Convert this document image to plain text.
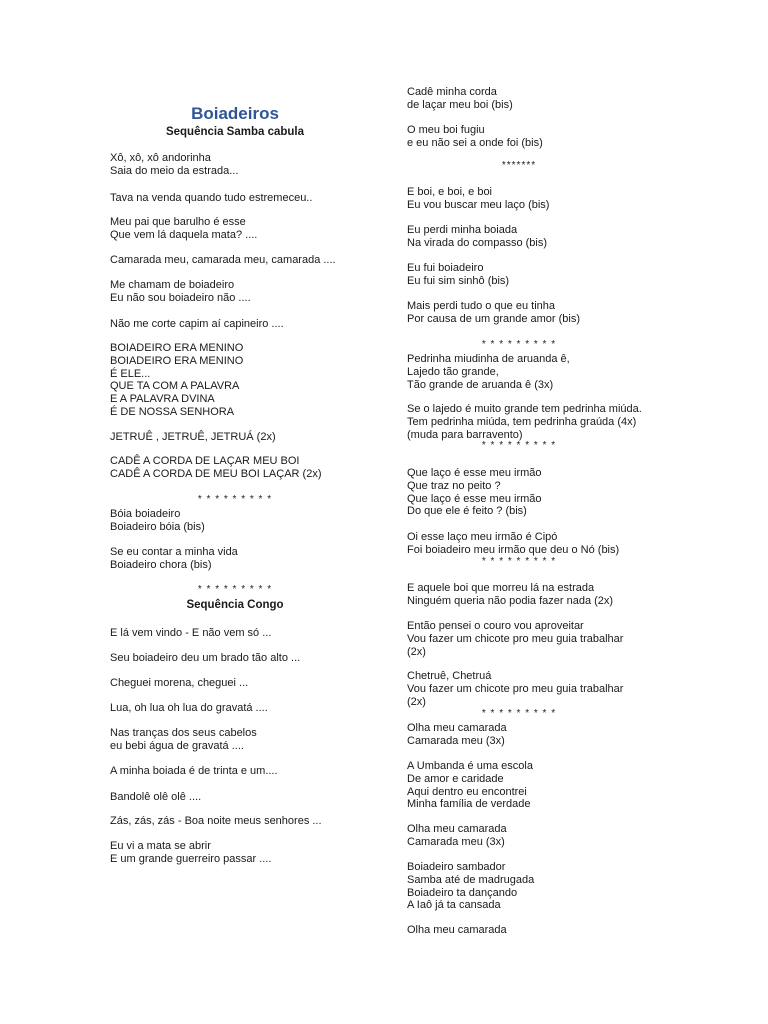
Boiadeiros
Sequência Samba cabula
Xô, xô, xô andorinha
Saia do meio da estrada...
Tava na venda quando tudo estremeceu..
Meu pai que barulho é esse
Que vem lá daquela mata? ....
Camarada meu, camarada meu, camarada ....
Me chamam de boiadeiro
Eu não sou boiadeiro não ....
Não me corte capim aí capineiro ....
BOIADEIRO ERA MENINO
BOIADEIRO ERA MENINO
É ELE...
QUE TA COM A PALAVRA
E A PALAVRA DVINA
É DE NOSSA SENHORA
JETRUÊ , JETRUÊ, JETRUÁ (2x)
CADÊ A CORDA DE LAÇAR MEU BOI
CADÊ A CORDA DE MEU BOI LAÇAR (2x)
* * * * * * * * *
Bóia boiadeiro
Boiadeiro bóia (bis)
Se eu contar a minha vida
Boiadeiro chora (bis)
* * * * * * * * *
Sequência Congo
E lá vem vindo - E não vem só ...
Seu boiadeiro deu um brado tão alto ...
Cheguei morena, cheguei ...
Lua, oh lua oh lua do gravatá ....
Nas tranças dos seus cabelos
eu bebi água de gravatá ....
A minha boiada é de trinta e um....
Bandolê olê olê ....
Zás, zás, zás - Boa noite meus senhores ...
Eu vi a mata se abrir
E um grande guerreiro passar ....
Cadê minha corda
de laçar meu boi (bis)
O meu boi fugiu
e eu não sei a onde foi (bis)
*******
E boi, e boi, e boi
Eu vou buscar meu laço (bis)
Eu perdi minha boiada
Na virada do compasso (bis)
Eu fui boiadeiro
Eu fui sim sinhô (bis)
Mais perdi tudo o que eu tinha
Por causa de um grande amor (bis)
* * * * * * * * *
Pedrinha miudinha de aruanda ê,
Lajedo tão grande,
Tão grande de aruanda ê (3x)
Se o lajedo é muito grande tem pedrinha miúda.
Tem pedrinha miúda, tem pedrinha graúda (4x)
(muda para barravento)
* * * * * * * * *
Que laço é esse meu irmão
Que traz no peito ?
Que laço é esse meu irmão
Do que ele é feito ? (bis)
Oi esse laço meu irmão é Cipó
Foi boiadeiro meu irmão que deu o Nó (bis)
* * * * * * * * *
E aquele boi que morreu lá na estrada
Ninguém queria não podia fazer nada (2x)
Então pensei o couro vou aproveitar
Vou fazer um chicote pro meu guia trabalhar
(2x)
Chetruê, Chetruá
Vou fazer um chicote pro meu guia trabalhar
(2x)
* * * * * * * * *
Olha meu camarada
Camarada meu (3x)
A Umbanda é uma escola
De amor e caridade
Aqui dentro eu encontrei
Minha família de verdade
Olha meu camarada
Camarada meu (3x)
Boiadeiro sambador
Samba até de madrugada
Boiadeiro ta dançando
A Iaô já ta cansada
Olha meu camarada
